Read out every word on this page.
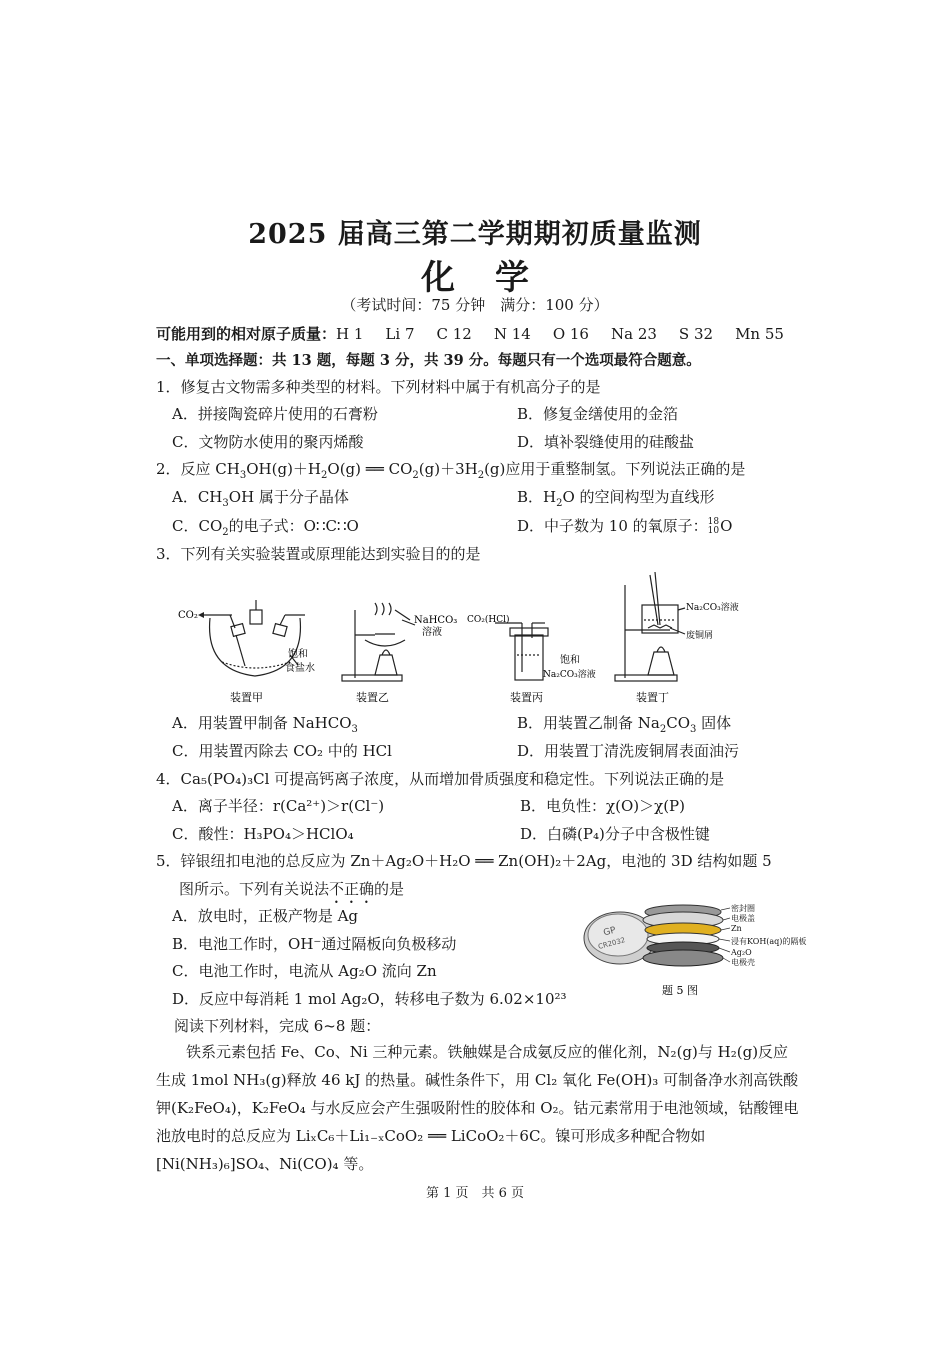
2025 届高三第二学期期初质量监测
化学
（考试时间：75 分钟　满分：100 分）
可能用到的相对原子质量：H 1 Li 7 C 12 N 14 O 16 Na 23 S 32 Mn 55
一、单项选择题：共 13 题，每题 3 分，共 39 分。每题只有一个选项最符合题意。
1．修复古文物需多种类型的材料。下列材料中属于有机高分子的是
A．拼接陶瓷碎片使用的石膏粉	B．修复金缮使用的金箔
C．文物防水使用的聚丙烯酸	D．填补裂缝使用的硅酸盐
2．反应 $CH_3OH(g)+H_2O(g)$ ══ $CO_2(g)+3H_2(g)$应用于重整制氢。下列说法正确的是
A．$CH_3OH$ 属于分子晶体	B．$H_2O$ 的空间构型为直线形
C．$CO_2$的电子式：O∷C∷O	D．中子数为 10 的氧原子：18
10O
3．下列有关实验装置或原理能达到实验目的的是
CO₂
饱和
食盐水
NaHCO₃
溶液
CO₂(HCl)
饱和
Na₂CO₃溶液
Na₂CO₃溶液
废铜屑
装置甲	装置乙	装置丙	装置丁
A．用装置甲制备 NaHCO$_3$	B．用装置乙制备 $Na_2CO_3$ 固体
C．用装置丙除去 CO₂ 中的 HCl	D．用装置丁清洗废铜屑表面油污
4．Ca₅(PO₄)₃Cl 可提高钙离子浓度，从而增加骨质强度和稳定性。下列说法正确的是
A．离子半径：r(Ca²⁺)＞r(Cl⁻)	B．电负性：χ(O)＞χ(P)
C．酸性：H₃PO₄＞HClO₄	D．白磷(P₄)分子中含极性键
5．锌银纽扣电池的总反应为 Zn＋Ag₂O＋H₂O ══ Zn(OH)₂＋2Ag，电池的 3D 结构如题 5
图所示。下列有关说法不正确的是
A．放电时，正极产物是 Ag
B．电池工作时，OH⁻通过隔板向负极移动
C．电池工作时，电流从 Ag₂O 流向 Zn
D．反应中每消耗 1 mol Ag₂O，转移电子数为 6.02×10²³
GP
CR2032
密封圈
电极盖
Zn
浸有KOH(aq)的隔板
Ag₂O
电极壳
题 5 图
阅读下列材料，完成 6~8 题：
　　铁系元素包括 Fe、Co、Ni 三种元素。铁触媒是合成氨反应的催化剂，N₂(g)与 H₂(g)反应生成 1mol NH₃(g)释放 46 kJ 的热量。碱性条件下，用 Cl₂ 氧化 Fe(OH)₃ 可制备净水剂高铁酸钾(K₂FeO₄)，K₂FeO₄ 与水反应会产生强吸附性的胶体和 O₂。钴元素常用于电池领域，钴酸锂电池放电时的总反应为 LiₓC₆＋Li₁₋ₓCoO₂ ══ LiCoO₂＋6C。镍可形成多种配合物如[Ni(NH₃)₆]SO₄、Ni(CO)₄ 等。
第 1 页　共 6 页
